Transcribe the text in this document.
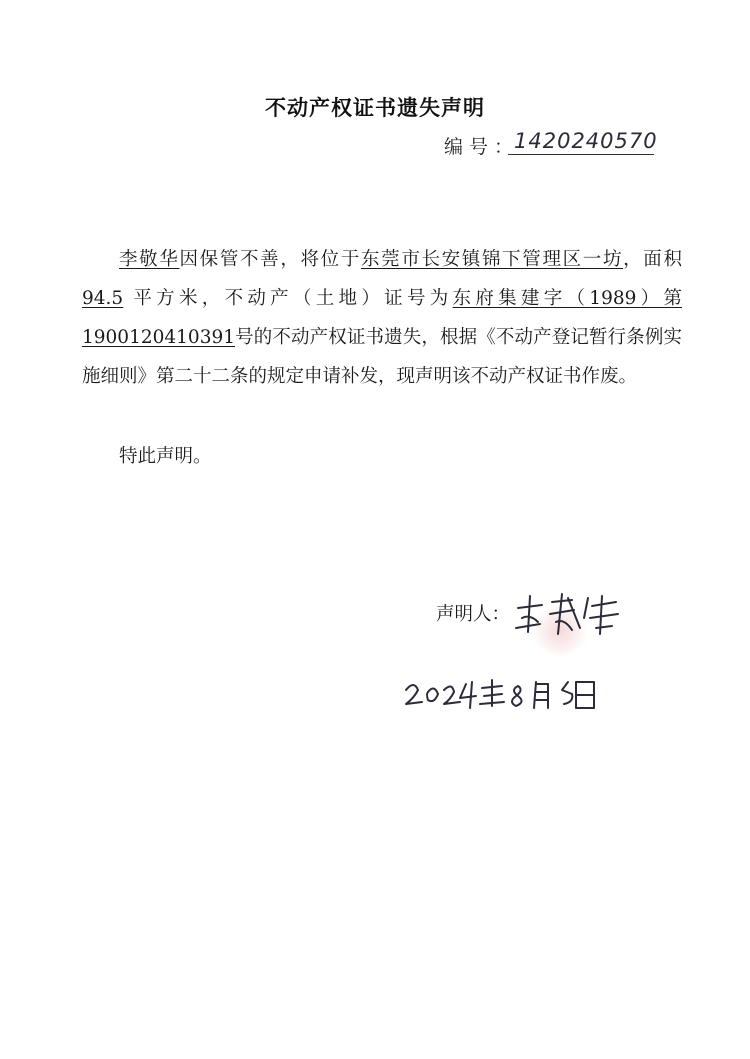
不动产权证书遗失声明
编号：
1420240570

李敬华因保管不善，将位于东莞市长安镇锦下管理区一坊，面积 94.5 平方米，不动产（土地）证号为东府集建字（1989）第1900120410391号的不动产权证书遗失，根据《不动产登记暂行条例实施细则》第二十二条的规定申请补发，现声明该不动产权证书作废。

特此声明。
声明人：
